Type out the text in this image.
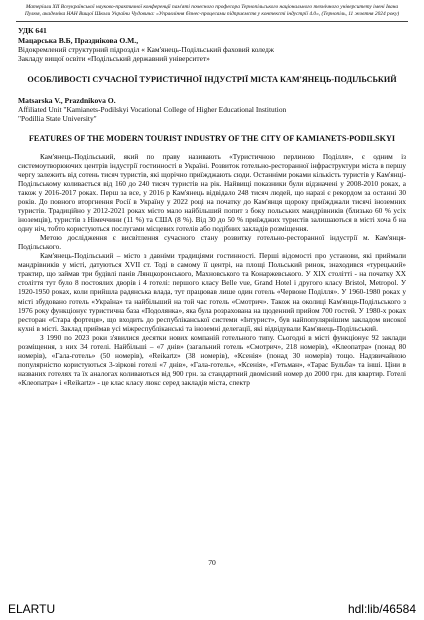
Матеріали XII Всеукраїнської науково-практичної конференції пам'яті почесного професора Тернопільського національного технічного університету імені Івана Пулюя, академіка НАН Вищої Школи України Чудовича: «Управління бізнес-процесами підприємств у контексті індустрії 4.0», (Тернопіль, 11 жовтня 2024 року)
УДК 641
Мацарська В.Б, Празднікова О.М.,
Відокремлений структурний підрозділ « Кам'янець-Подільський фаховий коледж
Закладу вищої освіти «Подільський державний університет»
ОСОБЛИВОСТІ СУЧАСНОЇ ТУРИСТИЧНОЇ ІНДУСТРІЇ МІСТА КАМ'ЯНЕЦЬ-ПОДІЛЬСЬКИЙ
Matsarska V., Prazdnikova O.
Affiliated Unit "Kamianets-Podilskyi Vocational College of Higher Educational Institution
"Podillia State University"
FEATURES OF THE MODERN TOURIST INDUSTRY OF THE CITY OF KAMIANETS-PODILSKYI

Кам'янець-Подільський, який по праву називають «Туристичною перлиною Поділля», є одним із системоутворюючих центрів індустрії гостинності в Україні. Розвиток готельно-ресторанної інфраструктури міста в першу чергу залежить від сотень тисяч туристів, які щорічно приїжджають сюди. Останніми роками кількість туристів у Кам'янці-Подільському коливається від 160 до 240 тисяч туристів на рік. Найвищі показники були відзначені у 2008-2010 роках, а також у 2016-2017 роках. Перш за все, у 2016 р Кам'янець відвідало 248 тисяч людей, що наразі є рекордом за останні 30 років. До повного вторгнення Росії в Україну у 2022 році на початку до Кам'янця щороку приїжджали тисячі іноземних туристів. Традиційно у 2012-2021 роках місто мало найбільший попит з боку польських мандрівників (близько 60 % усіх іноземців), туристів з Німеччини (11 %) та США (8 %). Від 30 до 50 % приїжджих туристів залишаються в місті хоча б на одну ніч, тобто користуються послугами місцевих готелів або подібних закладів розміщення.

Метою дослідження є висвітлення сучасного стану розвитку готельно-ресторанної індустрії м. Кам'янця-Подільського.

Кам'янець-Подільський – місто з давніми традиціями гостинності. Перші відомості про установи, які приймали мандрівників у місті, датуються XVII ст. Тоді в самому її центрі, на площі Польський ринок, знаходився «турецький» трактир, що займав три будівлі панів Лянцкоронського, Махновського та Конаржевського. У XIX столітті - на початку XX століття тут було 8 постоялих дворів і 4 готелі: першого класу Belle vue, Grand Hotel і другого класу Bristol, Metropol. У 1920-1950 роках, коли прийшла радянська влада, тут працював лише один готель «Червоне Поділля». У 1960-1980 роках у місті збудовано готель «Україна» та найбільший на той час готель «Смотрич». Також на околиці Кам'янця-Подільського з 1976 року функціонує туристична база «Подолянка», яка була розрахована на щоденний прийом 700 гостей. У 1980-х роках ресторан «Стара фортеця», що входить до республіканської системи «Інтурист», був найпопулярнішим закладом високої кухні в місті. Заклад приймав усі міжреспубліканські та іноземні делегації, які відвідували Кам'янець-Подільський.

З 1990 по 2023 роки з'явилися десятки нових компаній готельного типу. Сьогодні в місті функціонує 92 заклади розміщення, з них 34 готелі. Найбільші – «7 днів» (загальний готель «Смотрич», 218 номерів), «Клеопатра» (понад 80 номерів), «Гала-готель» (50 номерів), «Reikartz» (38 номерів), «Ксенія» (понад 30 номерів) тощо. Надзвичайною популярністю користуються 3-зіркові готелі «7 днів», «Гала-готель», «Ксенія», «Гетьман», «Тарас Бульба» та інші. Ціни в названих готелях та їх аналогах коливаються від 900 грн. за стандартний двомісний номер до 2000 грн. для квартир. Готелі «Клеопатра» і «Reikartz» - це клас класу люкс серед закладів міста, спектр

70
ELARTU	hdl:lib/46584
